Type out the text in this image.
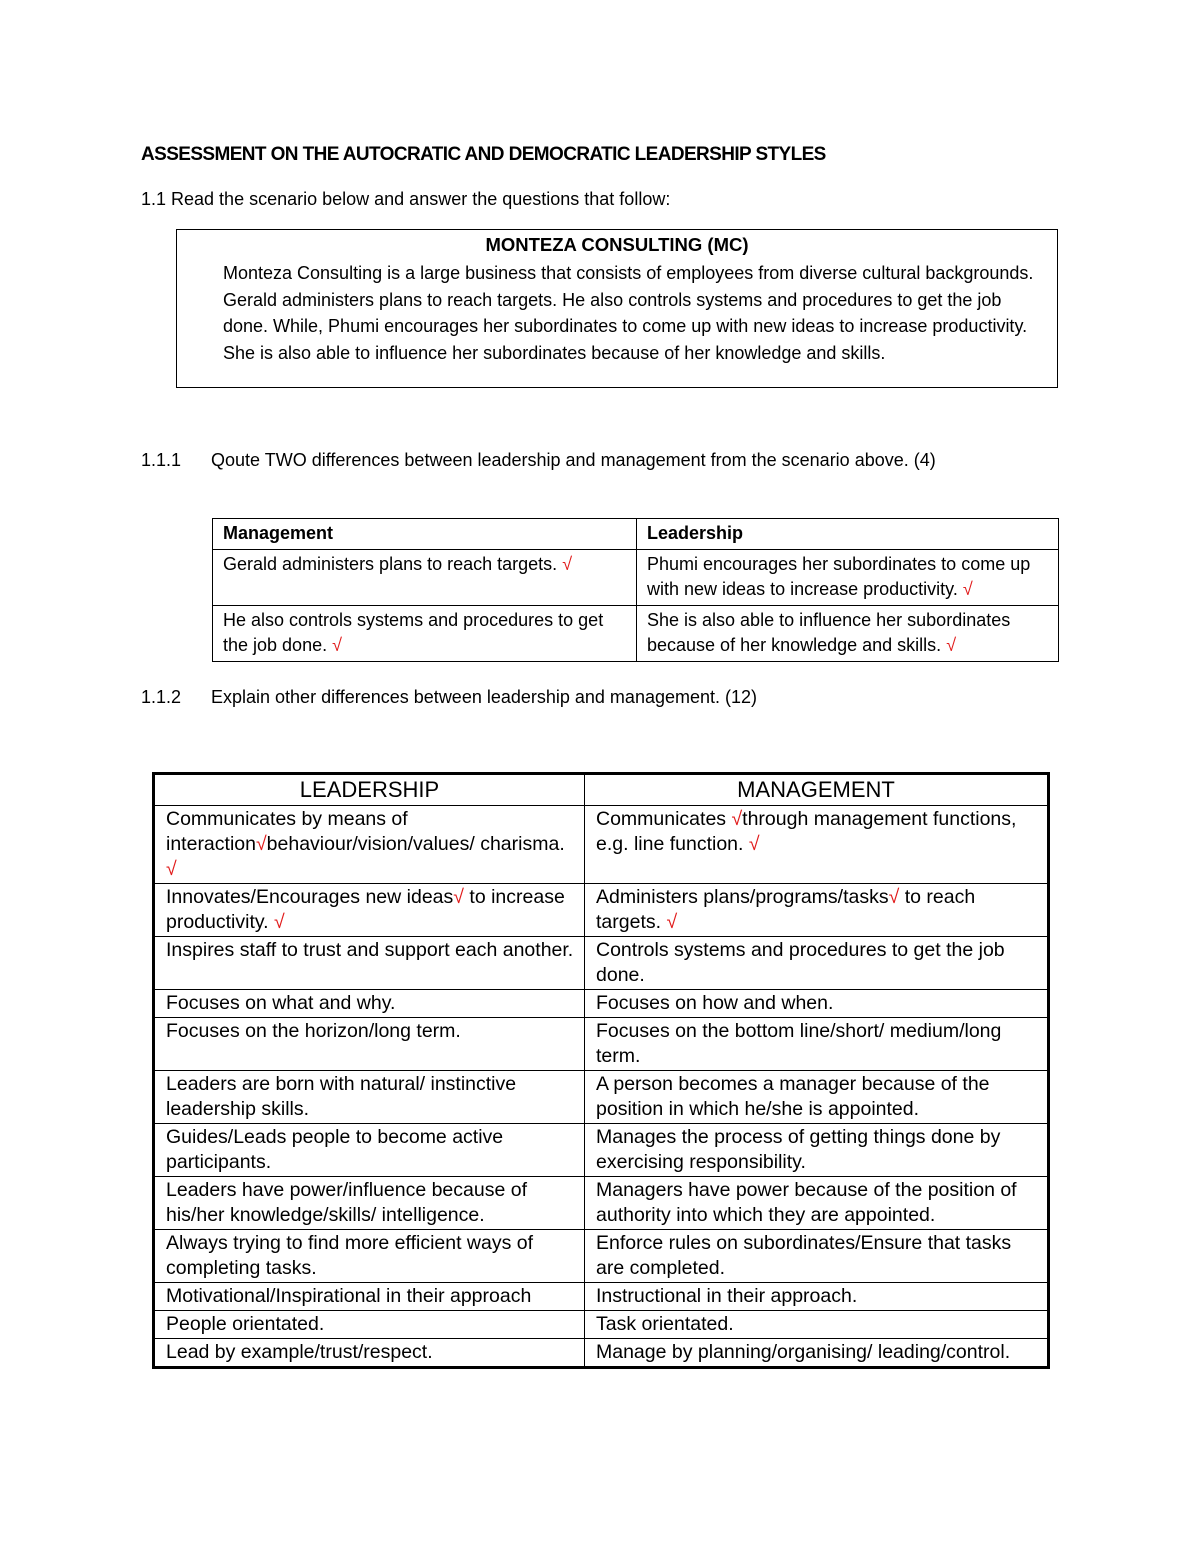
ASSESSMENT ON THE AUTOCRATIC AND DEMOCRATIC LEADERSHIP STYLES
1.1 Read the scenario below and answer the questions that follow:
MONTEZA CONSULTING (MC)
Monteza Consulting is a large business that consists of employees from diverse cultural backgrounds. Gerald administers plans to reach targets. He also controls systems and procedures to get the job done. While, Phumi encourages her subordinates to come up with new ideas to increase productivity. She is also able to influence her subordinates because of her knowledge and skills.
1.1.1 Qoute TWO differences between leadership and management from the scenario above. (4)
Management	Leadership
Gerald administers plans to reach targets. √	Phumi encourages her subordinates to come up with new ideas to increase productivity. √
He also controls systems and procedures to get the job done. √	She is also able to influence her subordinates because of her knowledge and skills. √
1.1.2 Explain other differences between leadership and management. (12)
LEADERSHIP	MANAGEMENT
Communicates by means of interaction√behaviour/vision/values/ charisma. √	Communicates √through management functions, e.g. line function. √
Innovates/Encourages new ideas√ to increase productivity. √	Administers plans/programs/tasks√ to reach targets. √
Inspires staff to trust and support each another.	Controls systems and procedures to get the job done.
Focuses on what and why.	Focuses on how and when.
Focuses on the horizon/long term.	Focuses on the bottom line/short/ medium/long term.
Leaders are born with natural/ instinctive leadership skills.	A person becomes a manager because of the position in which he/she is appointed.
Guides/Leads people to become active participants.	Manages the process of getting things done by exercising responsibility.
Leaders have power/influence because of his/her knowledge/skills/ intelligence.	Managers have power because of the position of authority into which they are appointed.
Always trying to find more efficient ways of completing tasks.	Enforce rules on subordinates/Ensure that tasks are completed.
Motivational/Inspirational in their approach	Instructional in their approach.
People orientated.	Task orientated.
Lead by example/trust/respect.	Manage by planning/organising/ leading/control.
